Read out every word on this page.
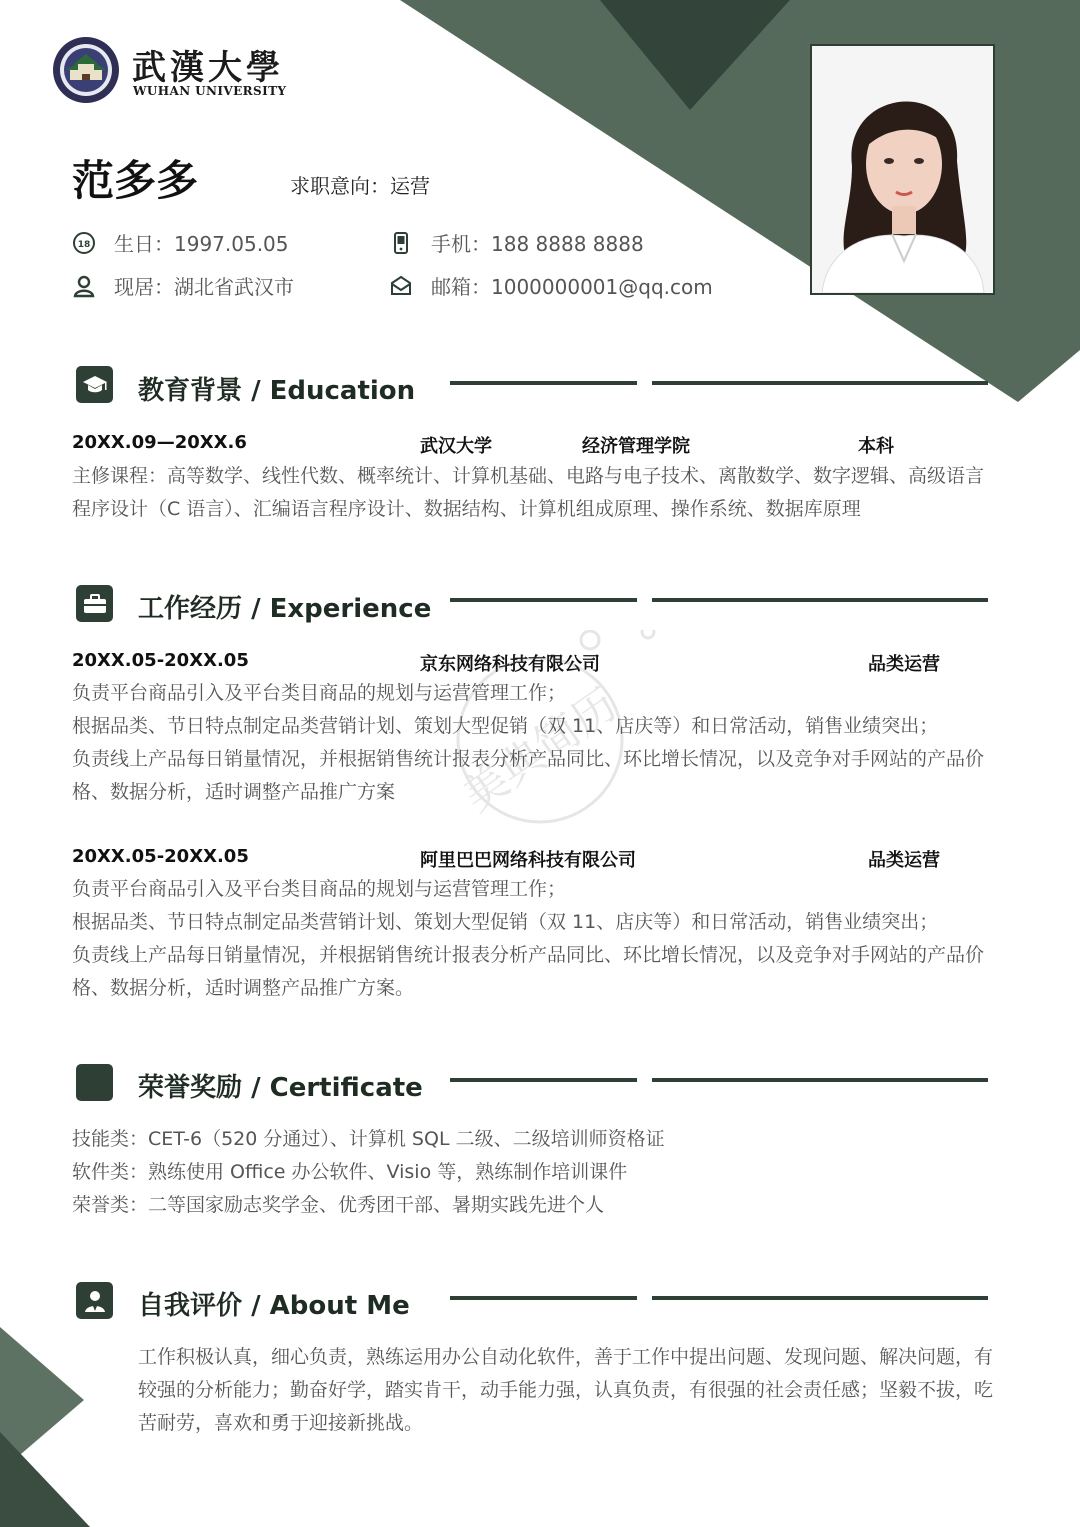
武漢大學
WUHAN UNIVERSITY
范多多	求职意向：运营
18 生日：1997.05.05	手机：188 8888 8888
现居：湖北省武汉市	邮箱：1000000001@qq.com
教育背景 / Education
20XX.09—20XX.6	武汉大学	经济管理学院	本科
主修课程：高等数学、线性代数、概率统计、计算机基础、电路与电子技术、离散数学、数字逻辑、高级语言
程序设计（C 语言）、汇编语言程序设计、数据结构、计算机组成原理、操作系统、数据库原理
工作经历 / Experience
20XX.05-20XX.05	京东网络科技有限公司	品类运营
负责平台商品引入及平台类目商品的规划与运营管理工作；
根据品类、节日特点制定品类营销计划、策划大型促销（双 11、店庆等）和日常活动，销售业绩突出；
负责线上产品每日销量情况，并根据销售统计报表分析产品同比、环比增长情况，以及竞争对手网站的产品价
格、数据分析，适时调整产品推广方案
20XX.05-20XX.05	阿里巴巴网络科技有限公司	品类运营
负责平台商品引入及平台类目商品的规划与运营管理工作；
根据品类、节日特点制定品类营销计划、策划大型促销（双 11、店庆等）和日常活动，销售业绩突出；
负责线上产品每日销量情况，并根据销售统计报表分析产品同比、环比增长情况，以及竞争对手网站的产品价
格、数据分析，适时调整产品推广方案。
美典简历
荣誉奖励 / Certificate
技能类：CET-6（520 分通过）、计算机 SQL 二级、二级培训师资格证
软件类：熟练使用 Office 办公软件、Visio 等，熟练制作培训课件
荣誉类：二等国家励志奖学金、优秀团干部、暑期实践先进个人
自我评价 / About Me
工作积极认真，细心负责，熟练运用办公自动化软件，善于工作中提出问题、发现问题、解决问题，有
较强的分析能力；勤奋好学，踏实肯干，动手能力强，认真负责，有很强的社会责任感；坚毅不拔，吃
苦耐劳，喜欢和勇于迎接新挑战。
